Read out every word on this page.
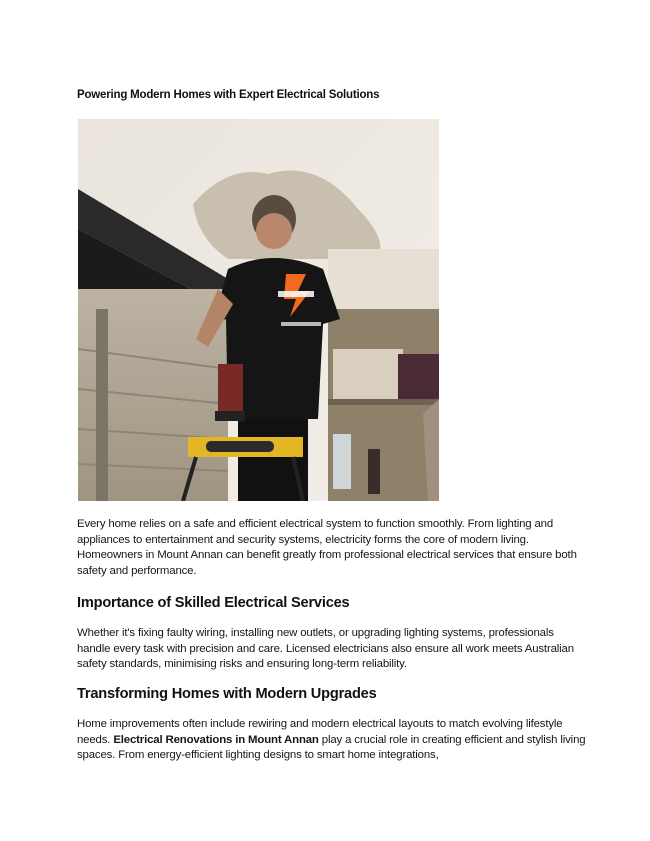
Powering Modern Homes with Expert Electrical Solutions
Every home relies on a safe and efficient electrical system to function smoothly. From lighting and appliances to entertainment and security systems, electricity forms the core of modern living. Homeowners in Mount Annan can benefit greatly from professional electrical services that ensure both safety and performance.
Importance of Skilled Electrical Services
Whether it's fixing faulty wiring, installing new outlets, or upgrading lighting systems, professionals handle every task with precision and care. Licensed electricians also ensure all work meets Australian safety standards, minimising risks and ensuring long-term reliability.
Transforming Homes with Modern Upgrades
Home improvements often include rewiring and modern electrical layouts to match evolving lifestyle needs. Electrical Renovations in Mount Annan play a crucial role in creating efficient and stylish living spaces. From energy-efficient lighting designs to smart home integrations,
